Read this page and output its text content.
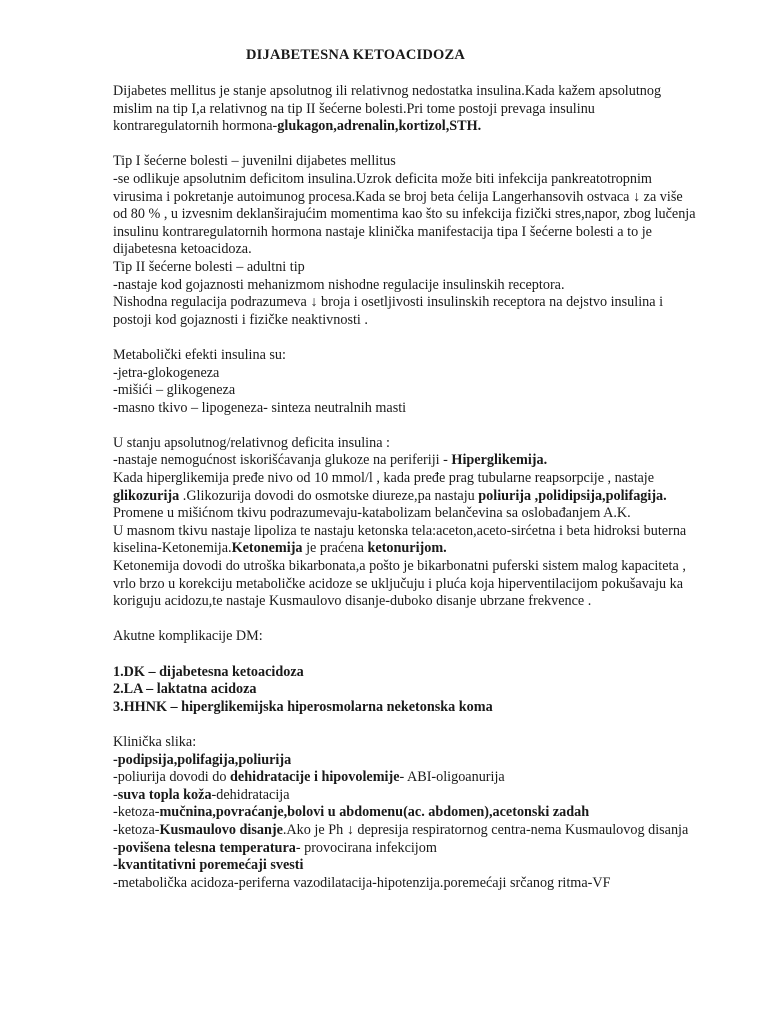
DIJABETESNA KETOACIDOZA
Dijabetes mellitus je stanje apsolutnog ili relativnog nedostatka insulina.Kada kažem apsolutnog
mislim na tip I,a relativnog na tip II šećerne bolesti.Pri tome postoji prevaga insulinu
kontraregulatornih hormona-glukagon,adrenalin,kortizol,STH.
Tip I šećerne bolesti – juvenilni dijabetes mellitus
-se odlikuje apsolutnim deficitom insulina.Uzrok deficita može biti infekcija pankreatotropnim
virusima i pokretanje autoimunog procesa.Kada se broj beta ćelija Langerhansovih ostvaca ↓ za više
od 80 % , u izvesnim deklanširajućim momentima kao što su infekcija fizički stres,napor, zbog lučenja
insulinu kontraregulatornih hormona nastaje klinička manifestacija tipa I šećerne bolesti a to je
dijabetesna ketoacidoza.
Tip II šećerne bolesti – adultni tip
-nastaje kod gojaznosti mehanizmom nishodne regulacije insulinskih receptora.
Nishodna regulacija podrazumeva ↓ broja i osetljivosti insulinskih receptora na dejstvo insulina i
postoji kod gojaznosti i fizičke neaktivnosti .
Metabolički efekti insulina su:
-jetra-glokogeneza
-mišići – glikogeneza
-masno tkivo – lipogeneza- sinteza neutralnih masti
U stanju apsolutnog/relativnog deficita insulina :
-nastaje nemogućnost iskorišćavanja glukoze na periferiji - Hiperglikemija.
Kada hiperglikemija pređe nivo od 10 mmol/l , kada pređe prag tubularne reapsorpcije , nastaje
glikozurija .Glikozurija dovodi do osmotske diureze,pa nastaju poliurija ,polidipsija,polifagija.
Promene u mišićnom tkivu podrazumevaju-katabolizam belančevina sa oslobađanjem A.K.
U masnom tkivu nastaje lipoliza te nastaju ketonska tela:aceton,aceto-sirćetna i beta hidroksi buterna
kiselina-Ketonemija.Ketonemija je praćena ketonurijom.
Ketonemija dovodi do utroška bikarbonata,a pošto je bikarbonatni puferski sistem malog kapaciteta ,
vrlo brzo u korekciju metaboličke acidoze se uključuju i pluća koja hiperventilacijom pokušavaju ka
koriguju acidozu,te nastaje Kusmaulovo disanje-duboko disanje ubrzane frekvence .
Akutne komplikacije DM:
1.DK – dijabetesna ketoacidoza
2.LA – laktatna acidoza
3.HHNK – hiperglikemijska hiperosmolarna neketonska koma
Klinička slika:
-podipsija,polifagija,poliurija
-poliurija dovodi do dehidratacije i hipovolemije- ABI-oligoanurija
-suva topla koža-dehidratacija
-ketoza-mučnina,povraćanje,bolovi u abdomenu(ac. abdomen),acetonski zadah
-ketoza-Kusmaulovo disanje.Ako je Ph ↓ depresija respiratornog centra-nema Kusmaulovog disanja
-povišena telesna temperatura- provocirana infekcijom
-kvantitativni poremećaji svesti
-metabolička acidoza-periferna vazodilatacija-hipotenzija.poremećaji srčanog ritma-VF
